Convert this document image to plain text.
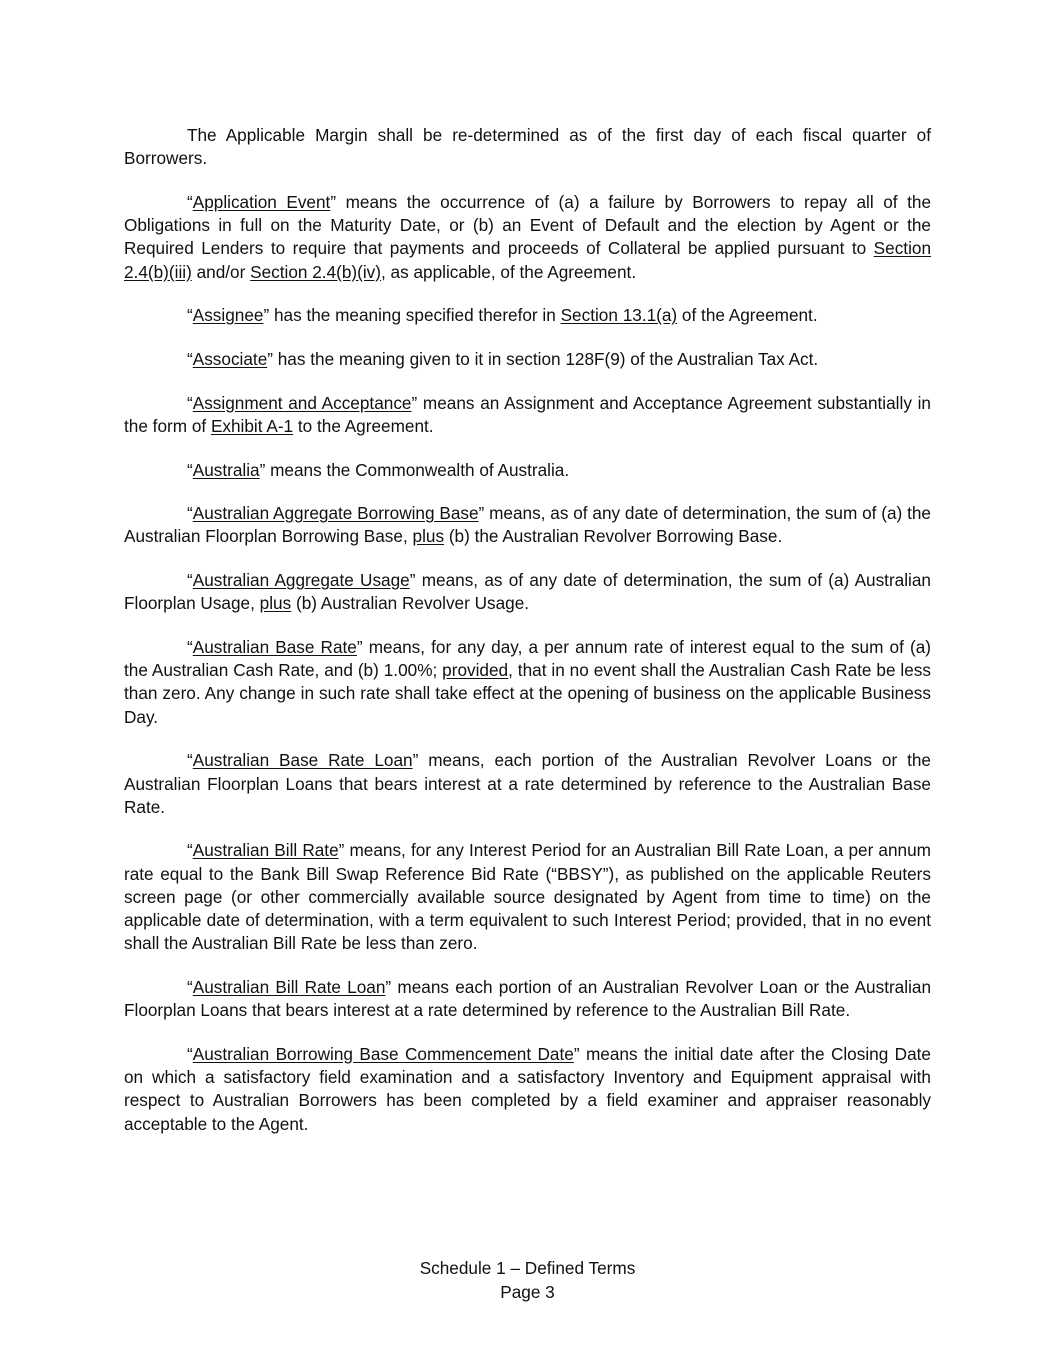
The Applicable Margin shall be re-determined as of the first day of each fiscal quarter of Borrowers.

“Application Event” means the occurrence of (a) a failure by Borrowers to repay all of the Obligations in full on the Maturity Date, or (b) an Event of Default and the election by Agent or the Required Lenders to require that payments and proceeds of Collateral be applied pursuant to Section 2.4(b)(iii) and/or Section 2.4(b)(iv), as applicable, of the Agreement.

“Assignee” has the meaning specified therefor in Section 13.1(a) of the Agreement.

“Associate” has the meaning given to it in section 128F(9) of the Australian Tax Act.

“Assignment and Acceptance” means an Assignment and Acceptance Agreement substantially in the form of Exhibit A-1 to the Agreement.

“Australia” means the Commonwealth of Australia.

“Australian Aggregate Borrowing Base” means, as of any date of determination, the sum of (a) the Australian Floorplan Borrowing Base, plus (b) the Australian Revolver Borrowing Base.

“Australian Aggregate Usage” means, as of any date of determination, the sum of (a) Australian Floorplan Usage, plus (b) Australian Revolver Usage.

“Australian Base Rate” means, for any day, a per annum rate of interest equal to the sum of (a) the Australian Cash Rate, and (b) 1.00%; provided, that in no event shall the Australian Cash Rate be less than zero. Any change in such rate shall take effect at the opening of business on the applicable Business Day.

“Australian Base Rate Loan” means, each portion of the Australian Revolver Loans or the Australian Floorplan Loans that bears interest at a rate determined by reference to the Australian Base Rate.

“Australian Bill Rate” means, for any Interest Period for an Australian Bill Rate Loan, a per annum rate equal to the Bank Bill Swap Reference Bid Rate (“BBSY”), as published on the applicable Reuters screen page (or other commercially available source designated by Agent from time to time) on the applicable date of determination, with a term equivalent to such Interest Period; provided, that in no event shall the Australian Bill Rate be less than zero.

“Australian Bill Rate Loan” means each portion of an Australian Revolver Loan or the Australian Floorplan Loans that bears interest at a rate determined by reference to the Australian Bill Rate.

“Australian Borrowing Base Commencement Date” means the initial date after the Closing Date on which a satisfactory field examination and a satisfactory Inventory and Equipment appraisal with respect to Australian Borrowers has been completed by a field examiner and appraiser reasonably acceptable to the Agent.

Schedule 1 – Defined Terms
Page 3
